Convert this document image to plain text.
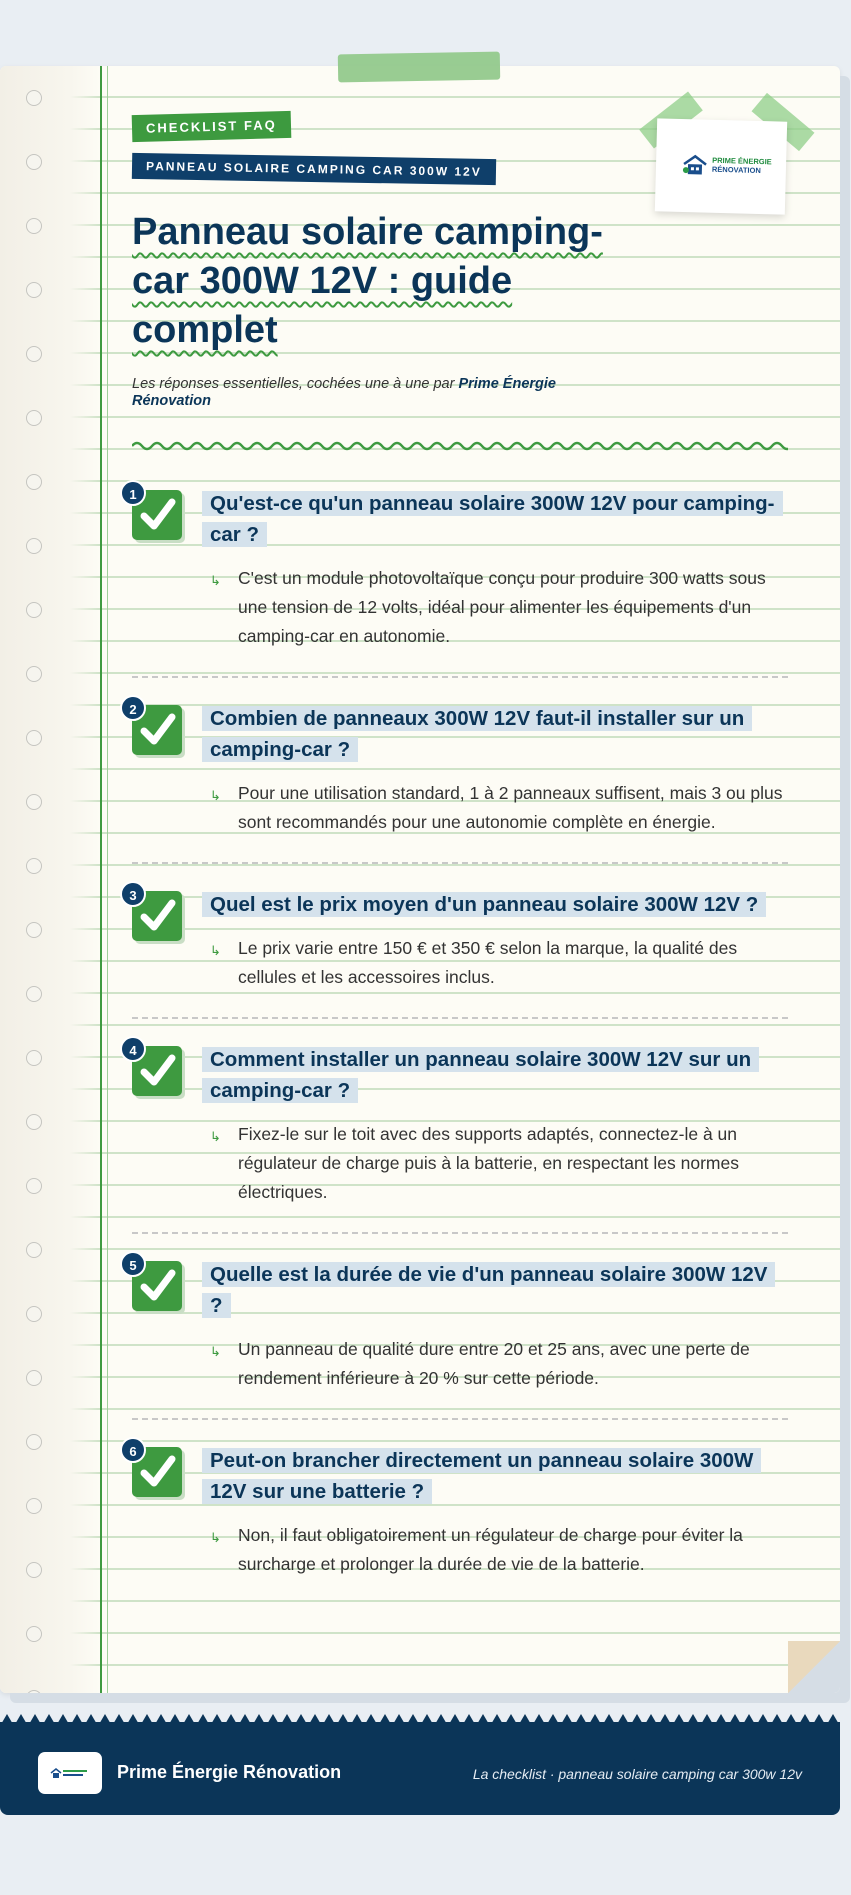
CHECKLIST FAQ
PANNEAU SOLAIRE CAMPING CAR 300W 12V	PRIME ÉNERGIE
RÉNOVATION
Panneau solaire camping-car 300W 12V : guide complet

Les réponses essentielles, cochées une à une par Prime Énergie Rénovation

1	Qu'est-ce qu'un panneau solaire 300W 12V pour camping-car ?
↳ C'est un module photovoltaïque conçu pour produire 300 watts sous une tension de 12 volts, idéal pour alimenter les équipements d'un camping-car en autonomie.
2	Combien de panneaux 300W 12V faut-il installer sur un camping-car ?
↳ Pour une utilisation standard, 1 à 2 panneaux suffisent, mais 3 ou plus sont recommandés pour une autonomie complète en énergie.
3	Quel est le prix moyen d'un panneau solaire 300W 12V ?
↳ Le prix varie entre 150 € et 350 € selon la marque, la qualité des cellules et les accessoires inclus.
4	Comment installer un panneau solaire 300W 12V sur un camping-car ?
↳ Fixez-le sur le toit avec des supports adaptés, connectez-le à un régulateur de charge puis à la batterie, en respectant les normes électriques.
5	Quelle est la durée de vie d'un panneau solaire 300W 12V ?
↳ Un panneau de qualité dure entre 20 et 25 ans, avec une perte de rendement inférieure à 20 % sur cette période.
6	Peut-on brancher directement un panneau solaire 300W 12V sur une batterie ?
↳ Non, il faut obligatoirement un régulateur de charge pour éviter la surcharge et prolonger la durée de vie de la batterie.
Prime Énergie Rénovation	La checklist · panneau solaire camping car 300w 12v
